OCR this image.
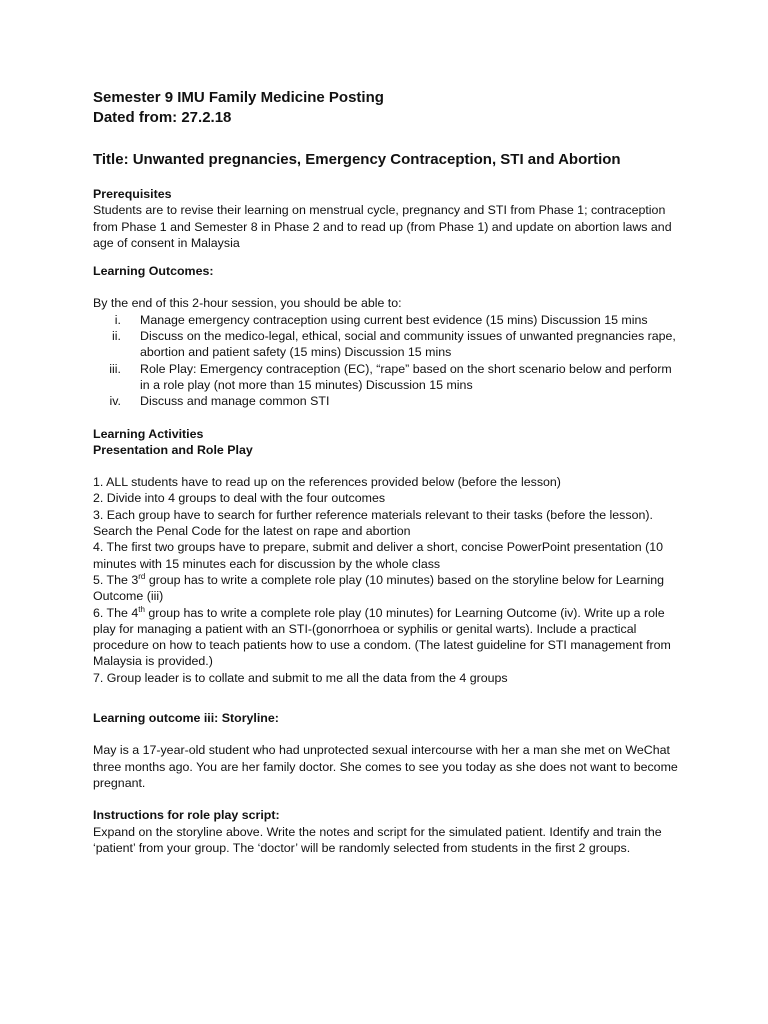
Semester 9 IMU Family Medicine Posting

Dated from: 27.2.18

Title: Unwanted pregnancies, Emergency Contraception, STI and Abortion

Prerequisites

Students are to revise their learning on menstrual cycle, pregnancy and STI from Phase 1; contraception from Phase 1 and Semester 8 in Phase 2 and to read up (from Phase 1) and update on abortion laws and age of consent in Malaysia

Learning Outcomes:

By the end of this 2-hour session, you should be able to:

i. Manage emergency contraception using current best evidence (15 mins) Discussion 15 mins
ii. Discuss on the medico-legal, ethical, social and community issues of unwanted pregnancies rape, abortion and patient safety (15 mins) Discussion 15 mins
iii. Role Play: Emergency contraception (EC), “rape” based on the short scenario below and perform in a role play (not more than 15 minutes) Discussion 15 mins
iv. Discuss and manage common STI

Learning Activities

Presentation and Role Play

1. ALL students have to read up on the references provided below (before the lesson)

2. Divide into 4 groups to deal with the four outcomes

3. Each group have to search for further reference materials relevant to their tasks (before the lesson). Search the Penal Code for the latest on rape and abortion

4. The first two groups have to prepare, submit and deliver a short, concise PowerPoint presentation (10 minutes with 15 minutes each for discussion by the whole class

5. The 3rd group has to write a complete role play (10 minutes) based on the storyline below for Learning Outcome (iii)

6. The 4th group has to write a complete role play (10 minutes) for Learning Outcome (iv). Write up a role play for managing a patient with an STI-(gonorrhoea or syphilis or genital warts). Include a practical procedure on how to teach patients how to use a condom. (The latest guideline for STI management from Malaysia is provided.)

7. Group leader is to collate and submit to me all the data from the 4 groups

Learning outcome iii: Storyline:

May is a 17-year-old student who had unprotected sexual intercourse with her a man she met on WeChat three months ago. You are her family doctor. She comes to see you today as she does not want to become pregnant.

Instructions for role play script:

Expand on the storyline above. Write the notes and script for the simulated patient. Identify and train the ‘patient’ from your group. The ‘doctor’ will be randomly selected from students in the first 2 groups.
